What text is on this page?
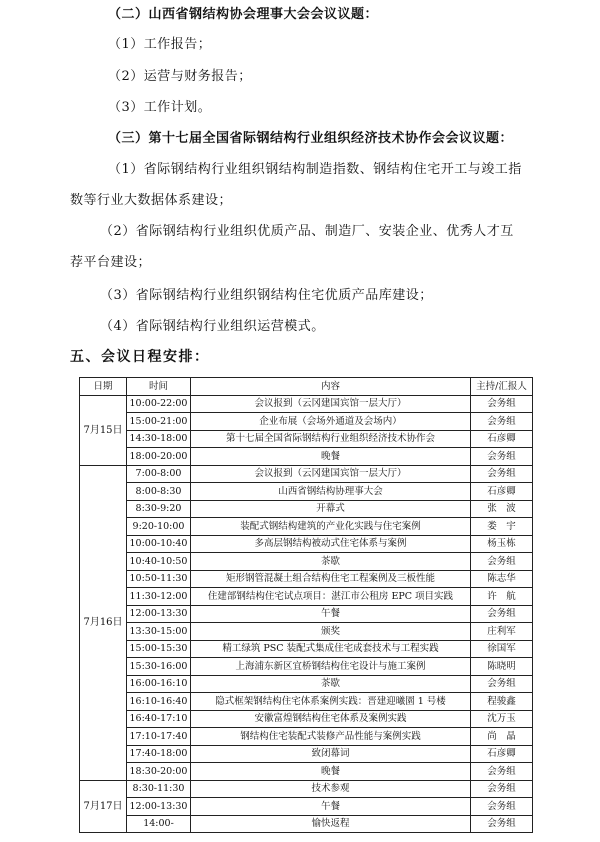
（二）山西省钢结构协会理事大会会议议题：
（1）工作报告；
（2）运营与财务报告；
（3）工作计划。
（三）第十七届全国省际钢结构行业组织经济技术协作会会议议题：
（1）省际钢结构行业组织钢结构制造指数、钢结构住宅开工与竣工指
数等行业大数据体系建设；
（2）省际钢结构行业组织优质产品、制造厂、安装企业、优秀人才互
荐平台建设；
（3）省际钢结构行业组织钢结构住宅优质产品库建设；
（4）省际钢结构行业组织运营模式。
五、会议日程安排：
日期	时间	内容	主持/汇报人
7月15日	10:00-22:00	会议报到（云冈建国宾馆一层大厅）	会务组
	15:00-21:00	企业布展（会场外通道及会场内）	会务组
	14:30-18:00	第十七届全国省际钢结构行业组织经济技术协作会	石彦卿
	18:00-20:00	晚餐	会务组
7月16日	7:00-8:00	会议报到（云冈建国宾馆一层大厅）	会务组
	8:00-8:30	山西省钢结构协理事大会	石彦卿
	8:30-9:20	开幕式	张　波
	9:20-10:00	装配式钢结构建筑的产业化实践与住宅案例	娄　宇
	10:00-10:40	多高层钢结构被动式住宅体系与案例	杨玉栋
	10:40-10:50	茶歇	会务组
	10:50-11:30	矩形钢管混凝土组合结构住宅工程案例及三板性能	陈志华
	11:30-12:00	住建部钢结构住宅试点项目：湛江市公租房 EPC 项目实践	许　航
	12:00-13:30	午餐	会务组
	13:30-15:00	颁奖	庄利军
	15:00-15:30	精工绿筑 PSC 装配式集成住宅成套技术与工程实践	徐国军
	15:30-16:00	上海浦东新区宜桥钢结构住宅设计与施工案例	陈晓明
	16:00-16:10	茶歇	会务组
	16:10-16:40	隐式框架钢结构住宅体系案例实践：晋建迎曦園 1 号楼	程骏鑫
	16:40-17:10	安徽富煌钢结构住宅体系及案例实践	沈万玉
	17:10-17:40	钢结构住宅装配式装修产品性能与案例实践	尚　晶
	17:40-18:00	致闭幕词	石彦卿
	18:30-20:00	晚餐	会务组
7月17日	8:30-11:30	技术参观	会务组
	12:00-13:30	午餐	会务组
	14:00-	愉快返程	会务组
